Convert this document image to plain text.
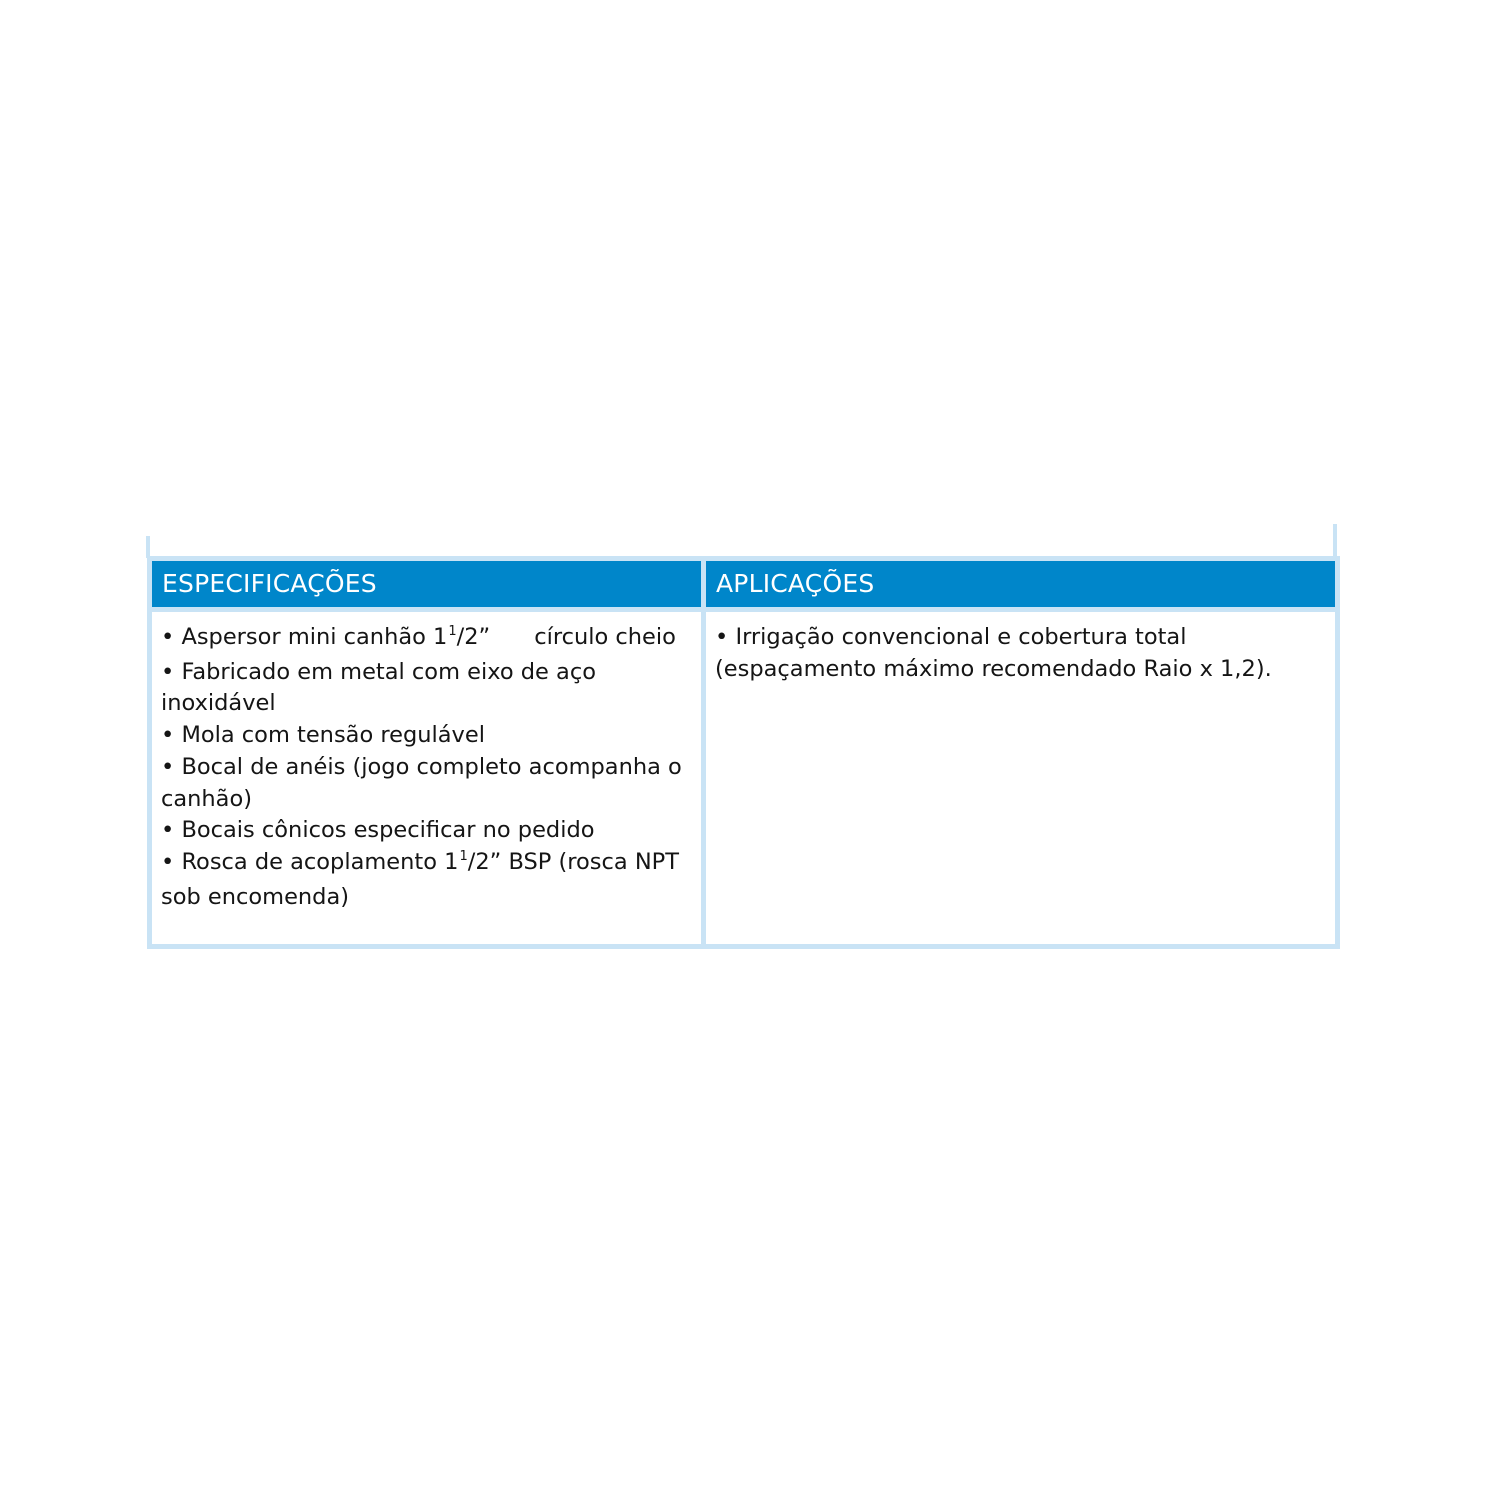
ESPECIFICAÇÕES	APLICAÇÕES

• Aspersor mini canhão $1^1/2$” círculo cheio

• Fabricado em metal com eixo de aço inoxidável

• Mola com tensão regulável

• Bocal de anéis (jogo completo acompanha o canhão)

• Bocais cônicos especificar no pedido

• Rosca de acoplamento $1^1/2$” BSP (rosca NPT sob encomenda)

• Irrigação convencional e cobertura total (espaçamento máximo recomendado Raio x 1,2).
